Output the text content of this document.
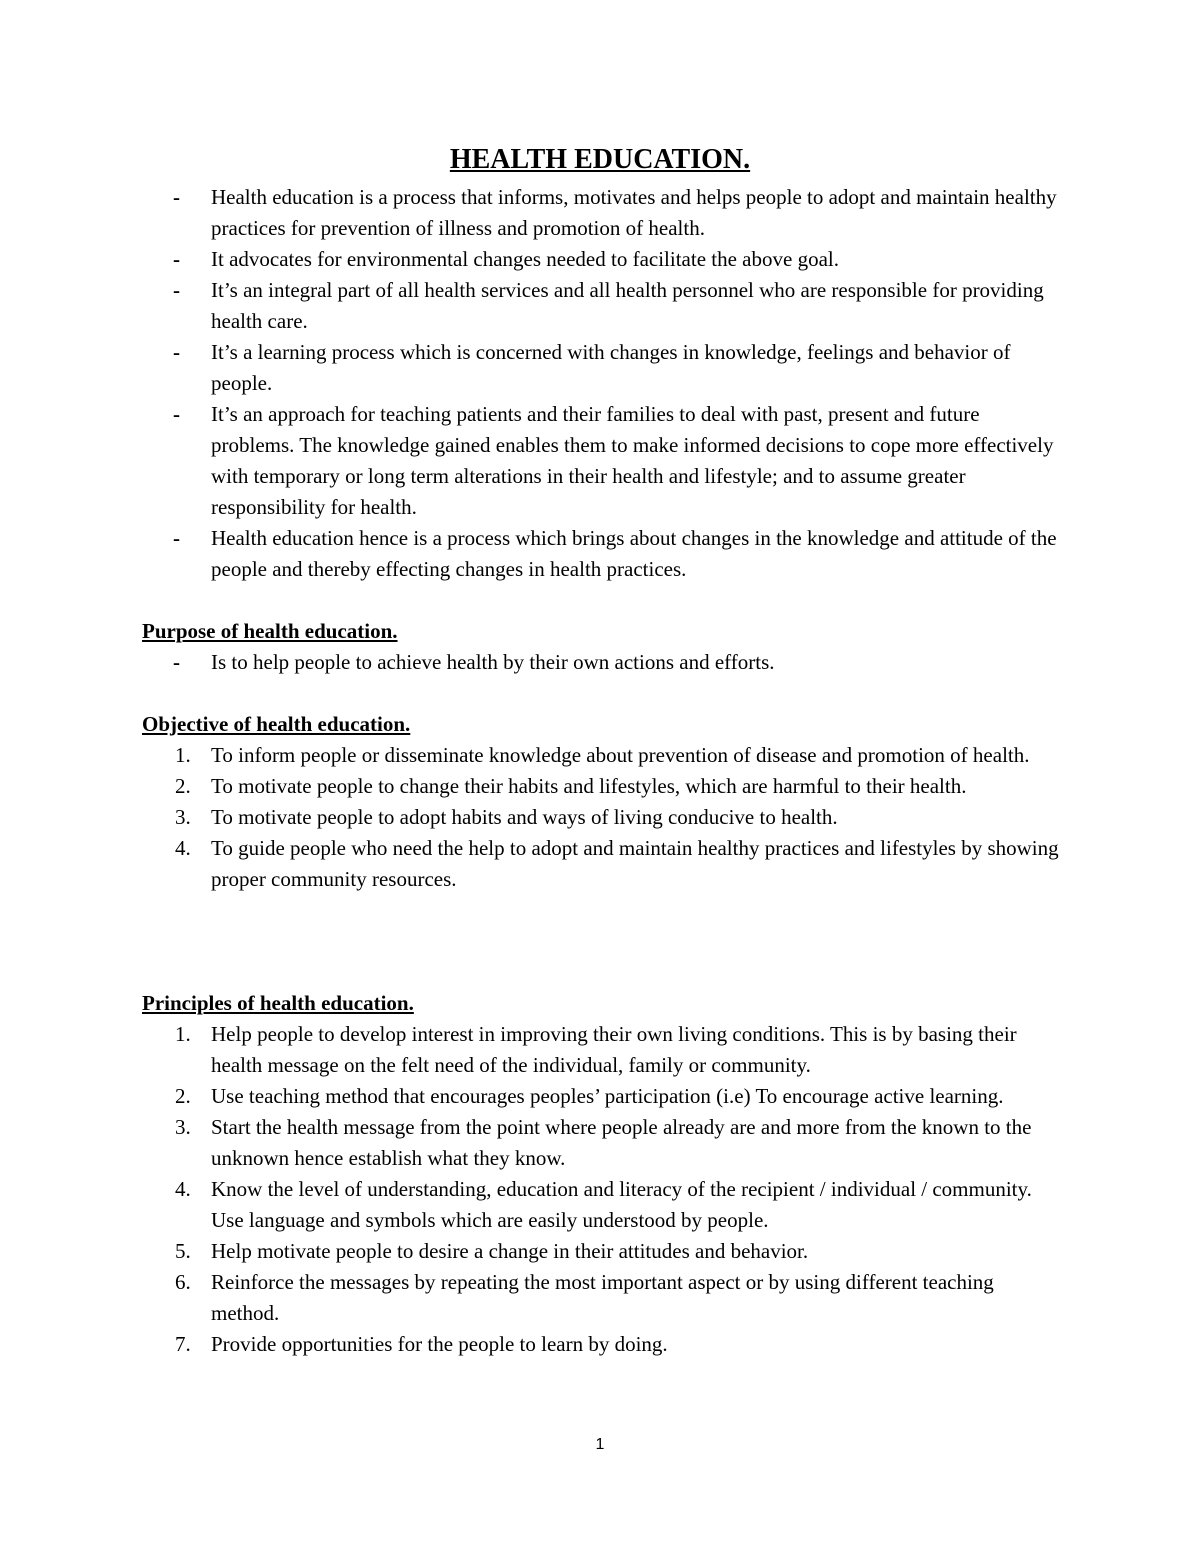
HEALTH EDUCATION.
-	Health education is a process that informs, motivates and helps people to adopt and maintain healthy practices for prevention of illness and promotion of health.
-	It advocates for environmental changes needed to facilitate the above goal.
-	It’s an integral part of all health services and all health personnel who are responsible for providing health care.
-	It’s a learning process which is concerned with changes in knowledge, feelings and behavior of people.
-	It’s an approach for teaching patients and their families to deal with past, present and future problems. The knowledge gained enables them to make informed decisions to cope more effectively with temporary or long term alterations in their health and lifestyle; and to assume greater responsibility for health.
-	Health education hence is a process which brings about changes in the knowledge and attitude of the people and thereby effecting changes in health practices.

Purpose of health education.

-	Is to help people to achieve health by their own actions and efforts.

Objective of health education.

1. To inform people or disseminate knowledge about prevention of disease and promotion of health.
2. To motivate people to change their habits and lifestyles, which are harmful to their health.
3. To motivate people to adopt habits and ways of living conducive to health.
4. To guide people who need the help to adopt and maintain healthy practices and lifestyles by showing proper community resources.

Principles of health education.

1. Help people to develop interest in improving their own living conditions. This is by basing their health message on the felt need of the individual, family or community.
2. Use teaching method that encourages peoples’ participation (i.e) To encourage active learning.
3. Start the health message from the point where people already are and more from the known to the unknown hence establish what they know.
4. Know the level of understanding, education and literacy of the recipient / individual / community. Use language and symbols which are easily understood by people.
5. Help motivate people to desire a change in their attitudes and behavior.
6. Reinforce the messages by repeating the most important aspect or by using different teaching method.
7. Provide opportunities for the people to learn by doing.
1
